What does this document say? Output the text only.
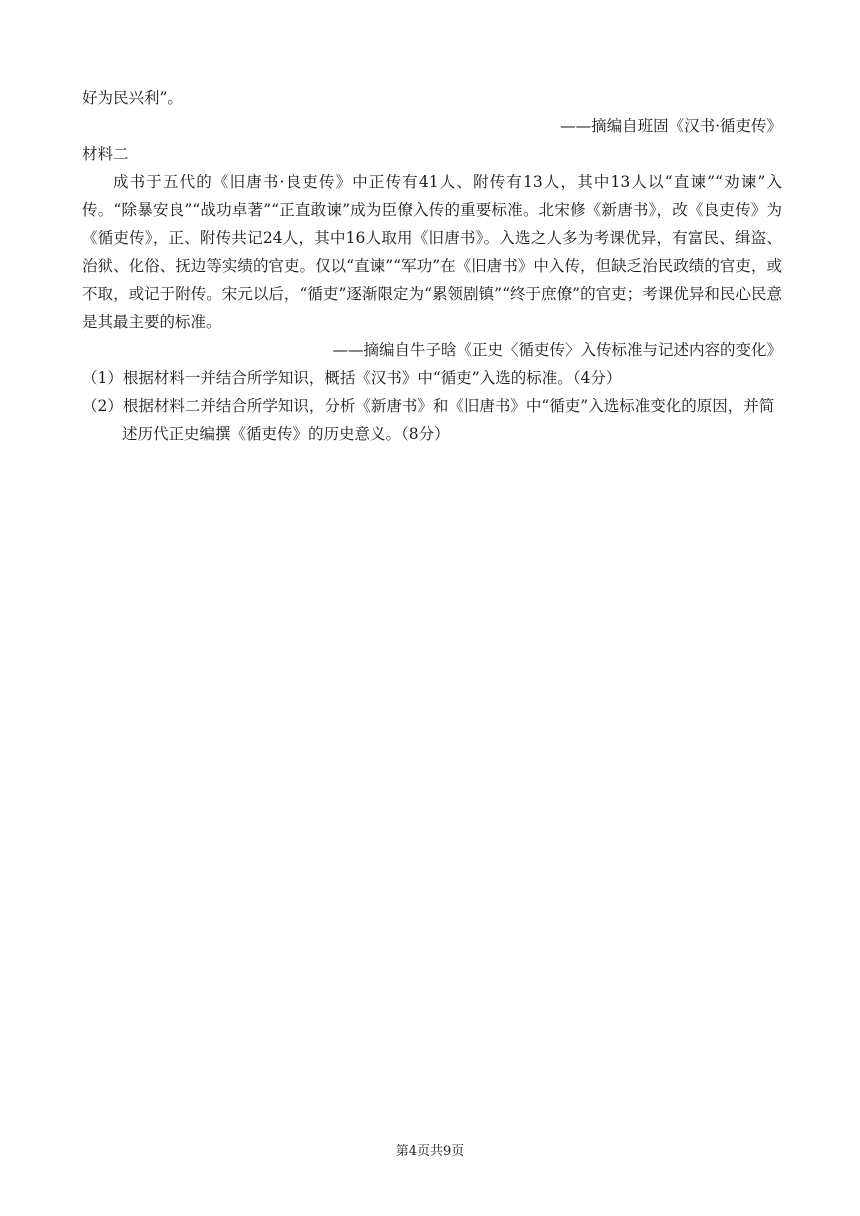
好为民兴利”。
——摘编自班固《汉书·循吏传》
材料二

成书于五代的《旧唐书·良吏传》中正传有41人、附传有13人，其中13人以“直谏”“劝谏”入传。“除暴安良”“战功卓著”“正直敢谏”成为臣僚入传的重要标准。北宋修《新唐书》，改《良吏传》为《循吏传》，正、附传共记24人，其中16人取用《旧唐书》。入选之人多为考课优异，有富民、缉盗、治狱、化俗、抚边等实绩的官吏。仅以“直谏”“军功”在《旧唐书》中入传，但缺乏治民政绩的官吏，或不取，或记于附传。宋元以后，“循吏”逐渐限定为“累领剧镇”“终于庶僚”的官吏；考课优异和民心民意是其最主要的标准。

——摘编自牛子晗《正史〈循吏传〉入传标准与记述内容的变化》

（1）根据材料一并结合所学知识，概括《汉书》中“循吏”入选的标准。（4分）

（2）根据材料二并结合所学知识，分析《新唐书》和《旧唐书》中“循吏”入选标准变化的原因，并简述历代正史编撰《循吏传》的历史意义。（8分）

第4页共9页
